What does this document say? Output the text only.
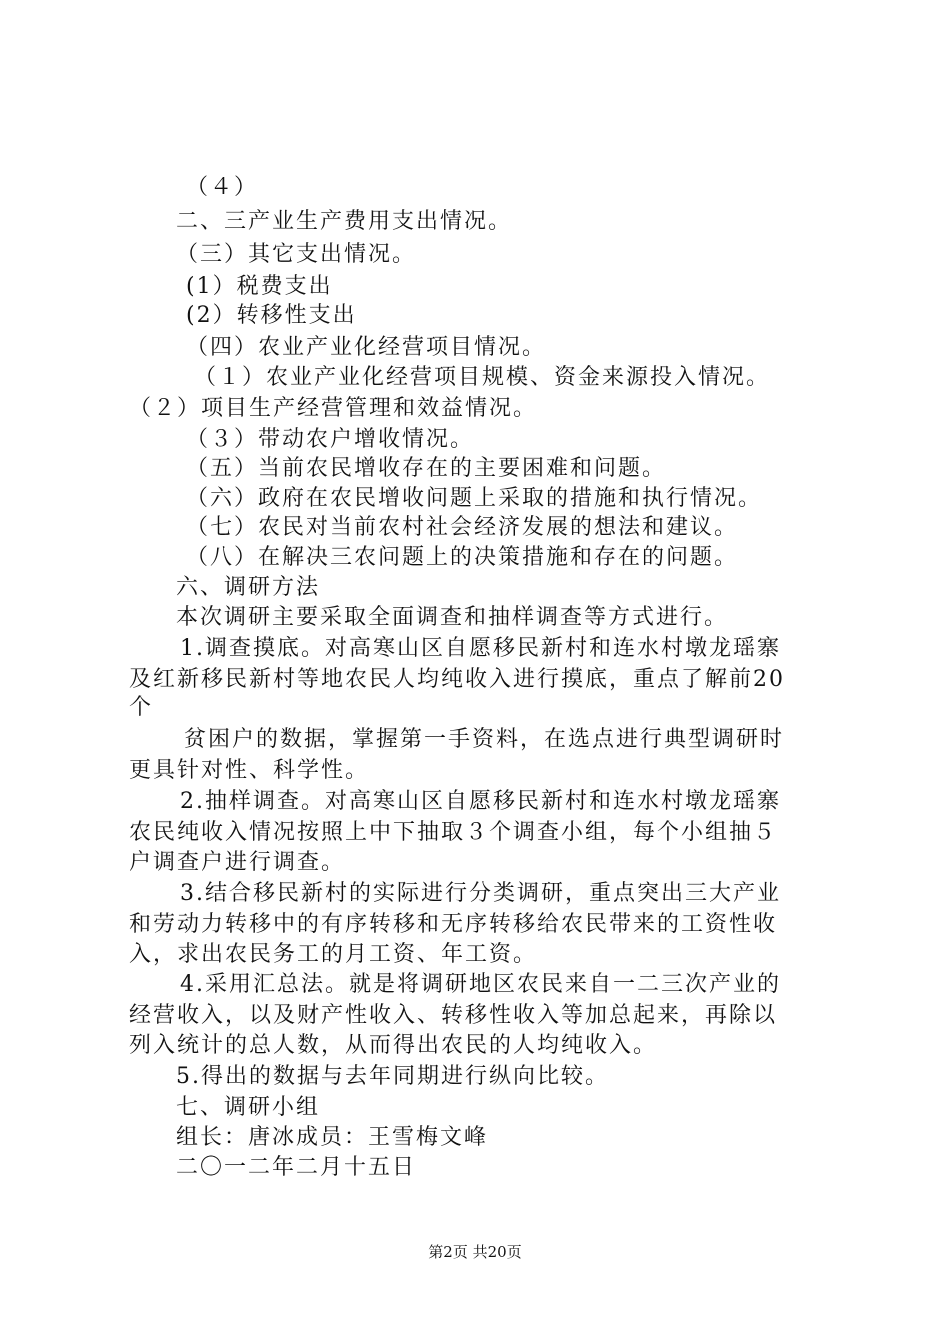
（４）
二、三产业生产费用支出情况。
（三）其它支出情况。
(1）税费支出
(2）转移性支出
（四）农业产业化经营项目情况。
（１）农业产业化经营项目规模、资金来源投入情况。
（２）项目生产经营管理和效益情况。
（３）带动农户增收情况。
（五）当前农民增收存在的主要困难和问题。
（六）政府在农民增收问题上采取的措施和执行情况。
（七）农民对当前农村社会经济发展的想法和建议。
（八）在解决三农问题上的决策措施和存在的问题。
六、调研方法
本次调研主要采取全面调查和抽样调查等方式进行。
1.调查摸底。对高寒山区自愿移民新村和连水村墩龙瑶寨
及红新移民新村等地农民人均纯收入进行摸底，重点了解前20
个
贫困户的数据，掌握第一手资料，在选点进行典型调研时
更具针对性、科学性。
2.抽样调查。对高寒山区自愿移民新村和连水村墩龙瑶寨
农民纯收入情况按照上中下抽取３个调查小组，每个小组抽５
户调查户进行调查。
3.结合移民新村的实际进行分类调研，重点突出三大产业
和劳动力转移中的有序转移和无序转移给农民带来的工资性收
入，求出农民务工的月工资、年工资。
4.采用汇总法。就是将调研地区农民来自一二三次产业的
经营收入，以及财产性收入、转移性收入等加总起来，再除以
列入统计的总人数，从而得出农民的人均纯收入。
5.得出的数据与去年同期进行纵向比较。
七、调研小组
组长：唐冰成员：王雪梅文峰
二〇一二年二月十五日
第2页 共20页
